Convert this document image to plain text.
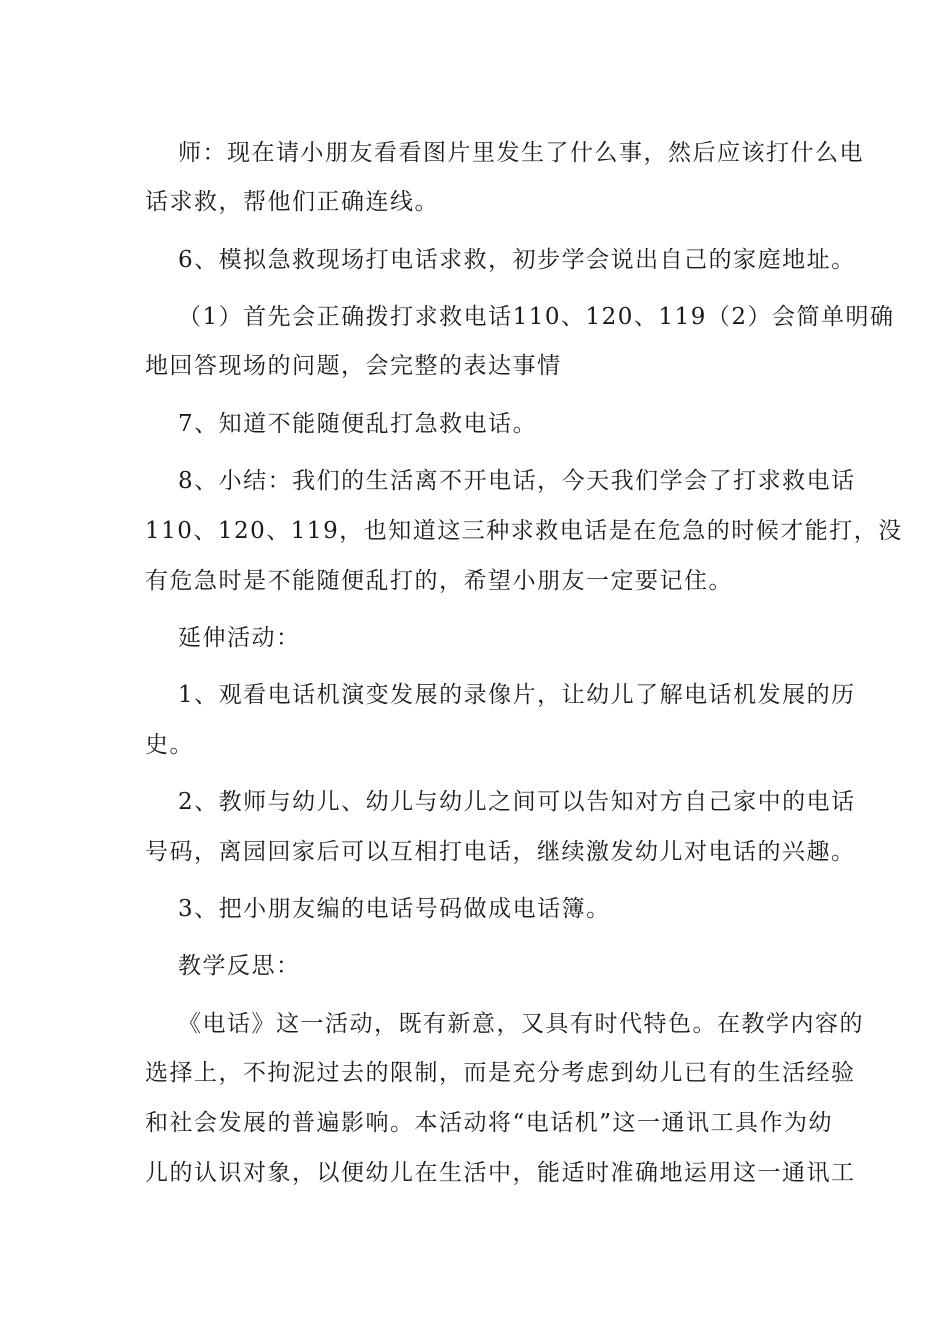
师：现在请小朋友看看图片里发生了什么事，然后应该打什么电
话求救，帮他们正确连线。
6、模拟急救现场打电话求救，初步学会说出自己的家庭地址。
（1）首先会正确拨打求救电话110、120、119（2）会简单明确
地回答现场的问题，会完整的表达事情
7、知道不能随便乱打急救电话。
8、小结：我们的生活离不开电话，今天我们学会了打求救电话
110、120、119，也知道这三种求救电话是在危急的时候才能打，没
有危急时是不能随便乱打的，希望小朋友一定要记住。
延伸活动：
1、观看电话机演变发展的录像片，让幼儿了解电话机发展的历
史。
2、教师与幼儿、幼儿与幼儿之间可以告知对方自己家中的电话
号码，离园回家后可以互相打电话，继续激发幼儿对电话的兴趣。
3、把小朋友编的电话号码做成电话簿。
教学反思：
《电话》这一活动，既有新意，又具有时代特色。在教学内容的
选择上，不拘泥过去的限制，而是充分考虑到幼儿已有的生活经验
和社会发展的普遍影响。本活动将“电话机”这一通讯工具作为幼
儿的认识对象，以便幼儿在生活中，能适时准确地运用这一通讯工
